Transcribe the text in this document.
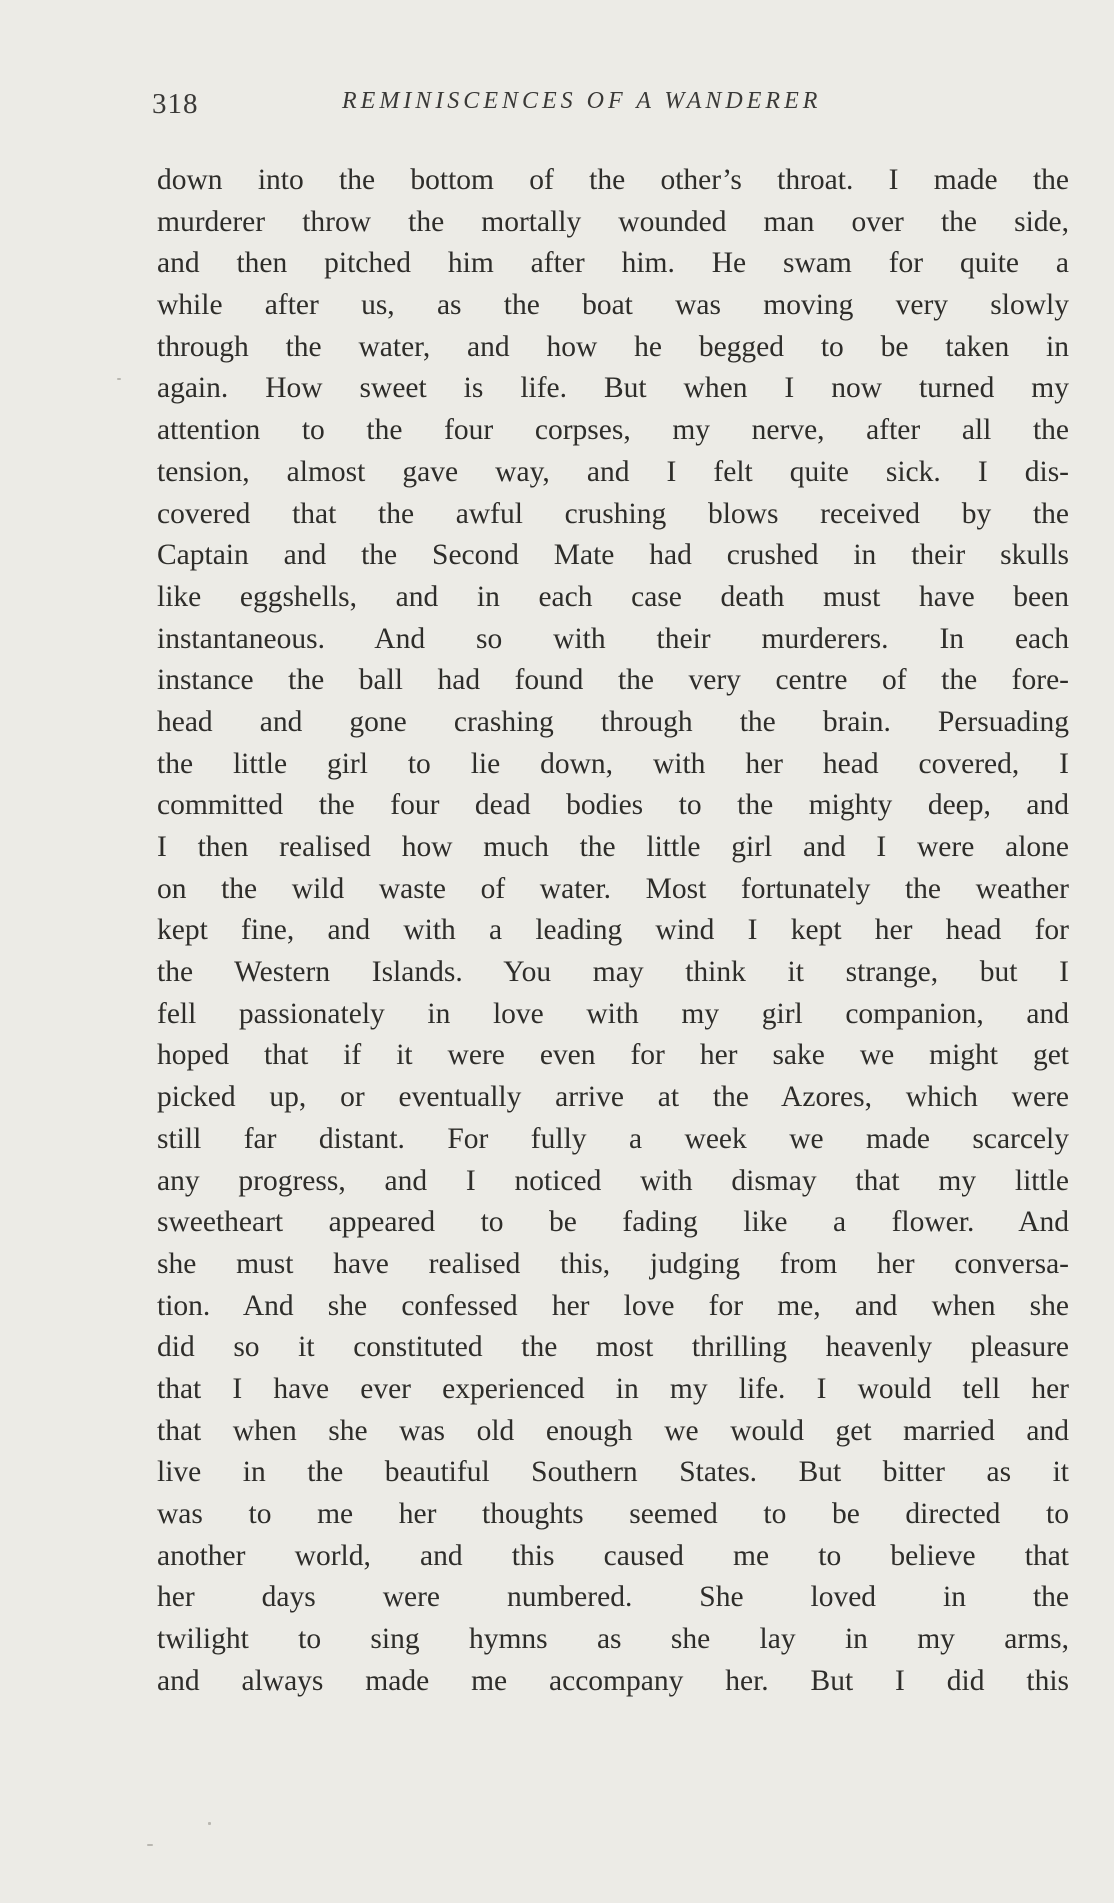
318	REMINISCENCES OF A WANDERER
down into the bottom of the other’s throat. I made the
murderer throw the mortally wounded man over the side,
and then pitched him after him. He swam for quite a
while after us, as the boat was moving very slowly
through the water, and how he begged to be taken in
again. How sweet is life. But when I now turned my
attention to the four corpses, my nerve, after all the
tension, almost gave way, and I felt quite sick. I dis-
covered that the awful crushing blows received by the
Captain and the Second Mate had crushed in their skulls
like eggshells, and in each case death must have been
instantaneous. And so with their murderers. In each
instance the ball had found the very centre of the fore-
head and gone crashing through the brain. Persuading
the little girl to lie down, with her head covered, I
committed the four dead bodies to the mighty deep, and
I then realised how much the little girl and I were alone
on the wild waste of water. Most fortunately the weather
kept fine, and with a leading wind I kept her head for
the Western Islands. You may think it strange, but I
fell passionately in love with my girl companion, and
hoped that if it were even for her sake we might get
picked up, or eventually arrive at the Azores, which were
still far distant. For fully a week we made scarcely
any progress, and I noticed with dismay that my little
sweetheart appeared to be fading like a flower. And
she must have realised this, judging from her conversa-
tion. And she confessed her love for me, and when she
did so it constituted the most thrilling heavenly pleasure
that I have ever experienced in my life. I would tell her
that when she was old enough we would get married and
live in the beautiful Southern States. But bitter as it
was to me her thoughts seemed to be directed to
another world, and this caused me to believe that
her days were numbered. She loved in the
twilight to sing hymns as she lay in my arms,
and always made me accompany her. But I did this
